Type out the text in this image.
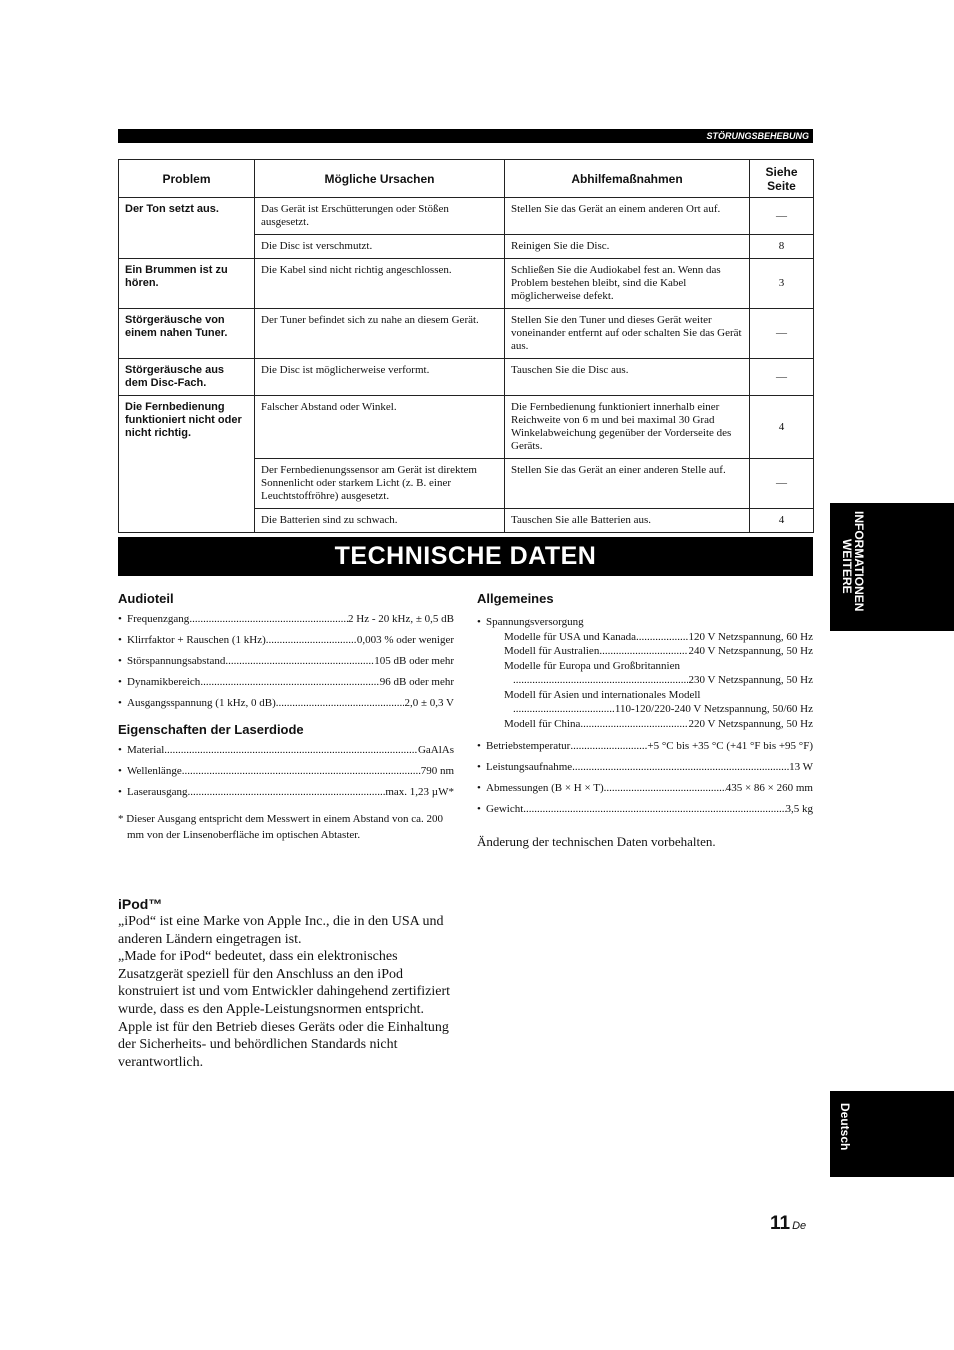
STÖRUNGSBEHEBUNG
Problem	Mögliche Ursachen	Abhilfemaßnahmen	Siehe Seite
Der Ton setzt aus.	Das Gerät ist Erschütterungen oder Stößen ausgesetzt.	Stellen Sie das Gerät an einem anderen Ort auf.	—
	Die Disc ist verschmutzt.	Reinigen Sie die Disc.	8
Ein Brummen ist zu hören.	Die Kabel sind nicht richtig angeschlossen.	Schließen Sie die Audiokabel fest an. Wenn das Problem bestehen bleibt, sind die Kabel möglicherweise defekt.	3
Störgeräusche von einem nahen Tuner.	Der Tuner befindet sich zu nahe an diesem Gerät.	Stellen Sie den Tuner und dieses Gerät weiter voneinander entfernt auf oder schalten Sie das Gerät aus.	—
Störgeräusche aus dem Disc-Fach.	Die Disc ist möglicherweise verformt.	Tauschen Sie die Disc aus.	—
Die Fernbedienung funktioniert nicht oder nicht richtig.	Falscher Abstand oder Winkel.	Die Fernbedienung funktioniert innerhalb einer Reichweite von 6 m und bei maximal 30 Grad Winkelabweichung gegenüber der Vorderseite des Geräts.	4
	Der Fernbedienungssensor am Gerät ist direktem Sonnenlicht oder starkem Licht (z. B. einer Leuchtstoffröhre) ausgesetzt.	Stellen Sie das Gerät an einer anderen Stelle auf.	—
	Die Batterien sind zu schwach.	Tauschen Sie alle Batterien aus.	4
TECHNISCHE DATEN
Audioteil
• Frequenzgang .....	2 Hz - 20 kHz, ± 0,5 dB
• Klirrfaktor + Rauschen (1 kHz) .....	0,003 % oder weniger
• Störspannungsabstand .....	105 dB oder mehr
• Dynamikbereich .....	96 dB oder mehr
• Ausgangsspannung (1 kHz, 0 dB) .....	2,0 ± 0,3 V
Eigenschaften der Laserdiode
• Material .....	GaAlAs
• Wellenlänge .....	790 nm
• Laserausgang .....	max. 1,23 µW*
* Dieser Ausgang entspricht dem Messwert in einem Abstand von ca. 200 mm von der Linsenoberfläche im optischen Abtaster.
Allgemeines
• Spannungsversorgung
Modelle für USA und Kanada .....	120 V Netzspannung, 60 Hz
Modell für Australien .....	240 V Netzspannung, 50 Hz
Modelle für Europa und Großbritannien
.....
230 V Netzspannung, 50 Hz
Modell für Asien und internationales Modell
.....
110-120/220-240 V Netzspannung, 50/60 Hz
Modell für China .....	220 V Netzspannung, 50 Hz
• Betriebstemperatur .....	+5 °C bis +35 °C (+41 °F bis +95 °F)
• Leistungsaufnahme .....	13 W
• Abmessungen (B × H × T) .....	435 × 86 × 260 mm
• Gewicht .....	3,5 kg
Änderung der technischen Daten vorbehalten.
iPod™

„iPod“ ist eine Marke von Apple Inc., die in den USA und anderen Ländern eingetragen ist.

„Made for iPod“ bedeutet, dass ein elektronisches Zusatzgerät speziell für den Anschluss an den iPod konstruiert ist und vom Entwickler dahingehend zertifiziert wurde, dass es den Apple-Leistungsnormen entspricht.

Apple ist für den Betrieb dieses Geräts oder die Einhaltung der Sicherheits- und behördlichen Standards nicht verantwortlich.

INFORMATIONEN
WEITERE
Deutsch
11 De
